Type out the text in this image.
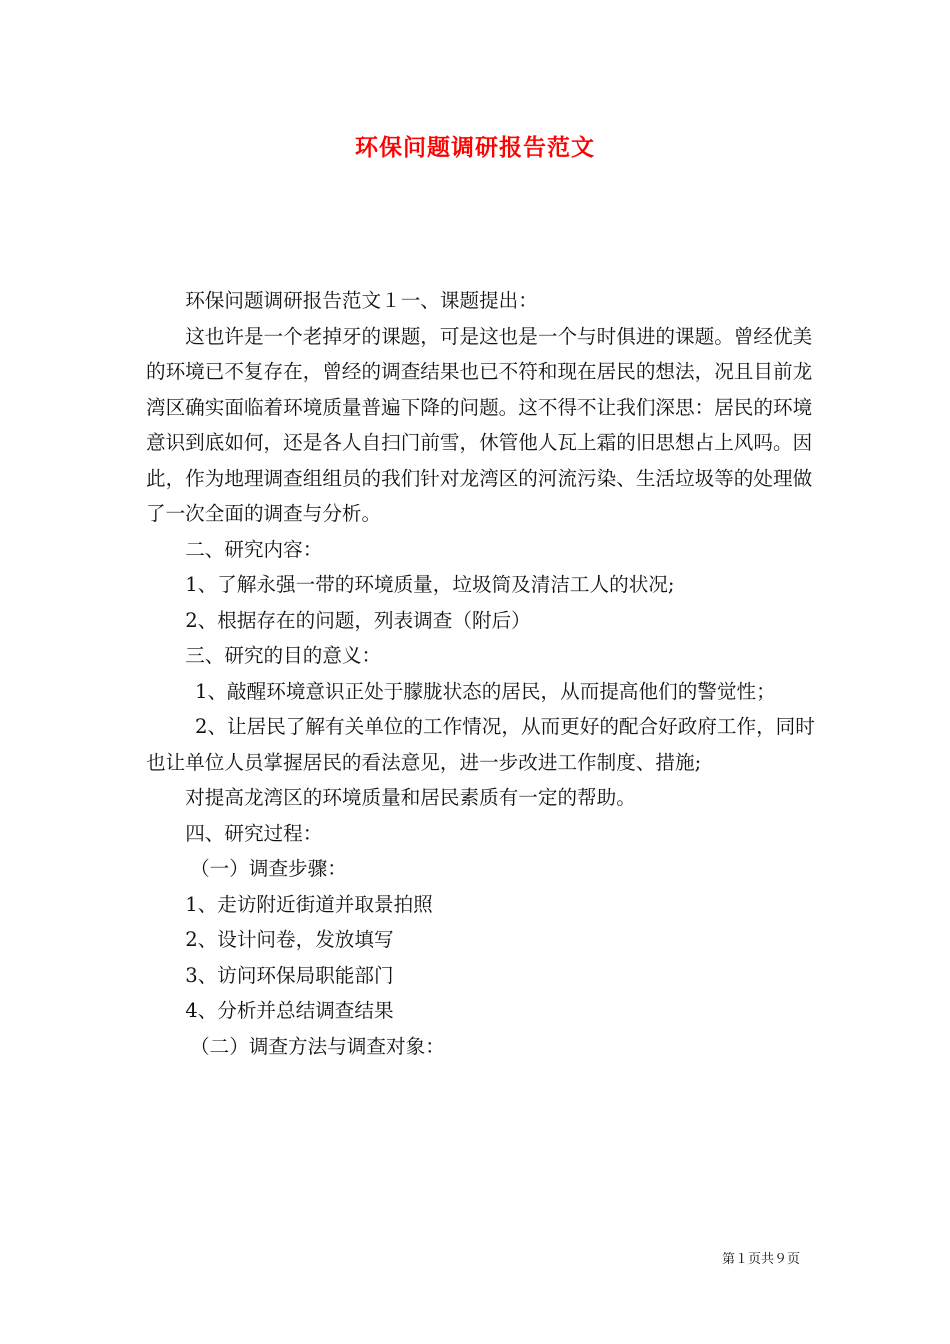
环保问题调研报告范文

环保问题调研报告范文１一、课题提出：

这也许是一个老掉牙的课题，可是这也是一个与时俱进的课题。曾经优美的环境已不复存在，曾经的调查结果也已不符和现在居民的想法，况且目前龙湾区确实面临着环境质量普遍下降的问题。这不得不让我们深思：居民的环境意识到底如何，还是各人自扫门前雪，休管他人瓦上霜的旧思想占上风吗。因此，作为地理调查组组员的我们针对龙湾区的河流污染、生活垃圾等的处理做了一次全面的调查与分析。

二、研究内容：

1、了解永强一带的环境质量，垃圾筒及清洁工人的状况;

2、根据存在的问题，列表调查（附后）

三、研究的目的意义：

1、敲醒环境意识正处于朦胧状态的居民，从而提高他们的警觉性；

2、让居民了解有关单位的工作情况，从而更好的配合好政府工作，同时也让单位人员掌握居民的看法意见，进一步改进工作制度、措施;

对提高龙湾区的环境质量和居民素质有一定的帮助。

四、研究过程：

（一）调查步骤：

1、走访附近街道并取景拍照

2、设计问卷，发放填写

3、访问环保局职能部门

4、分析并总结调查结果

（二）调查方法与调查对象：

第１页共９页
